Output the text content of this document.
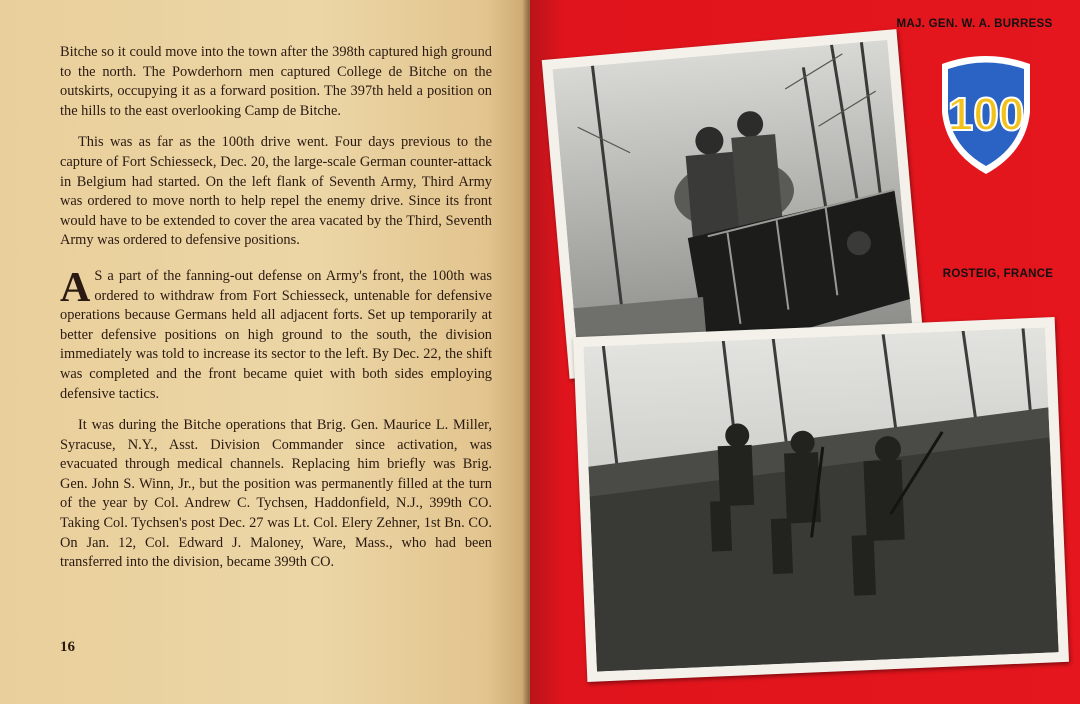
Bitche so it could move into the town after the 398th captured high ground to the north. The Powderhorn men captured College de Bitche on the outskirts, occupying it as a forward position. The 397th held a position on the hills to the east overlooking Camp de Bitche.

This was as far as the 100th drive went. Four days previous to the capture of Fort Schiesseck, Dec. 20, the large-scale German counter-attack in Belgium had started. On the left flank of Seventh Army, Third Army was ordered to move north to help repel the enemy drive. Since its front would have to be extended to cover the area vacated by the Third, Seventh Army was ordered to defensive positions.

A S a part of the fanning-out defense on Army's front, the 100th was ordered to withdraw from Fort Schiesseck, untenable for defensive operations because Germans held all adjacent forts. Set up temporarily at better defensive positions on high ground to the south, the division immediately was told to increase its sector to the left. By Dec. 22, the shift was completed and the front became quiet with both sides employing defensive tactics.

It was during the Bitche operations that Brig. Gen. Maurice L. Miller, Syracuse, N.Y., Asst. Division Commander since activation, was evacuated through medical channels. Replacing him briefly was Brig. Gen. John S. Winn, Jr., but the position was permanently filled at the turn of the year by Col. Andrew C. Tychsen, Haddonfield, N.J., 399th CO. Taking Col. Tychsen's post Dec. 27 was Lt. Col. Elery Zehner, 1st Bn. CO. On Jan. 12, Col. Edward J. Maloney, Ware, Mass., who had been transferred into the division, became 399th CO.

16
MAJ. GEN. W. A. BURRESS
100
ROSTEIG, FRANCE
